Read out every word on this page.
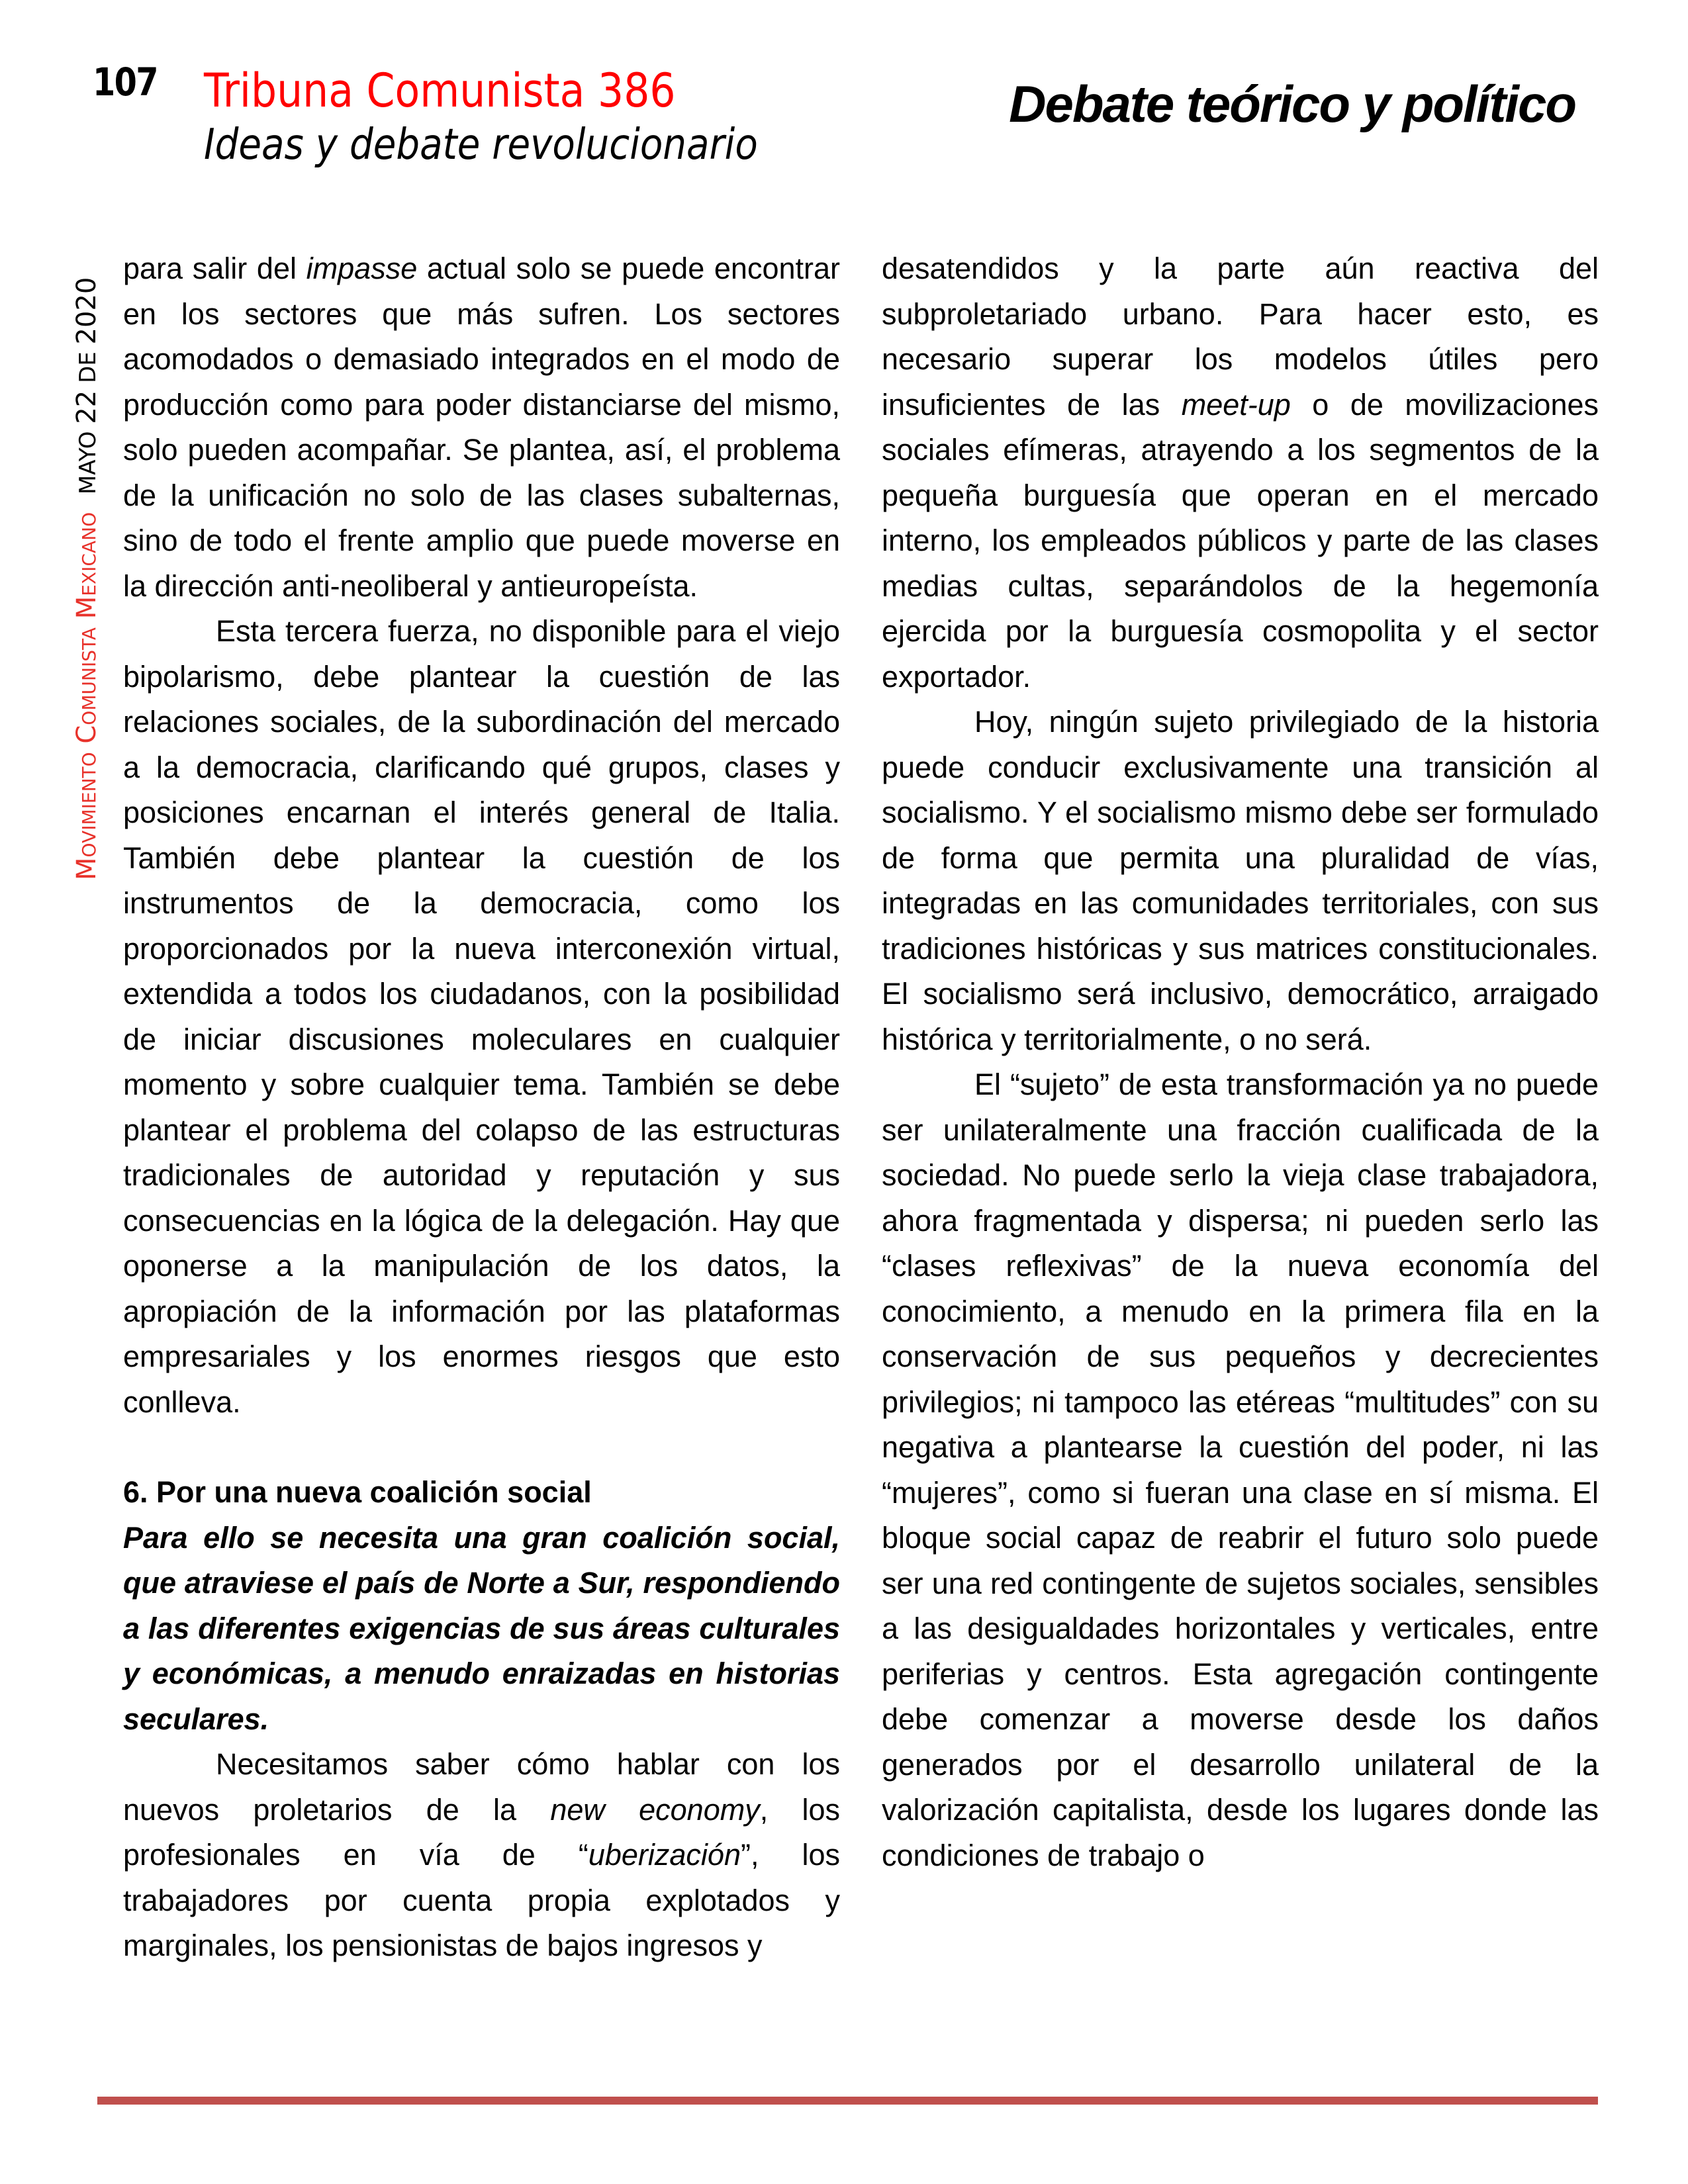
107 Tribuna Comunista 386
Ideas y debate revolucionario
Debate teórico y político
Movimiento Comunista Mexicano MAYO 22 DE 2020

para salir del impasse actual solo se puede encontrar en los sectores que más sufren. Los sectores acomodados o demasiado integrados en el modo de producción como para poder distanciarse del mismo, solo pueden acompañar. Se plantea, así, el problema de la unificación no solo de las clases subalternas, sino de todo el frente amplio que puede moverse en la dirección anti-neoliberal y antieuropeísta.

Esta tercera fuerza, no disponible para el viejo bipolarismo, debe plantear la cuestión de las relaciones sociales, de la subordinación del mercado a la democracia, clarificando qué grupos, clases y posiciones encarnan el interés general de Italia. También debe plantear la cuestión de los instrumentos de la democracia, como los proporcionados por la nueva interconexión virtual, extendida a todos los ciudadanos, con la posibilidad de iniciar discusiones moleculares en cualquier momento y sobre cualquier tema. También se debe plantear el problema del colapso de las estructuras tradicionales de autoridad y reputación y sus consecuencias en la lógica de la delegación. Hay que oponerse a la manipulación de los datos, la apropiación de la información por las plataformas empresariales y los enormes riesgos que esto conlleva.

6. Por una nueva coalición social

Para ello se necesita una gran coalición social, que atraviese el país de Norte a Sur, respondiendo a las diferentes exigencias de sus áreas culturales y económicas, a menudo enraizadas en historias seculares.

Necesitamos saber cómo hablar con los nuevos proletarios de la new economy, los profesionales en vía de “uberización”, los trabajadores por cuenta propia explotados y marginales, los pensionistas de bajos ingresos y

desatendidos y la parte aún reactiva del subproletariado urbano. Para hacer esto, es necesario superar los modelos útiles pero insuficientes de las meet-up o de movilizaciones sociales efímeras, atrayendo a los segmentos de la pequeña burguesía que operan en el mercado interno, los empleados públicos y parte de las clases medias cultas, separándolos de la hegemonía ejercida por la burguesía cosmopolita y el sector exportador.

Hoy, ningún sujeto privilegiado de la historia puede conducir exclusivamente una transición al socialismo. Y el socialismo mismo debe ser formulado de forma que permita una pluralidad de vías, integradas en las comunidades territoriales, con sus tradiciones históricas y sus matrices constitucionales. El socialismo será inclusivo, democrático, arraigado histórica y territorialmente, o no será.

El “sujeto” de esta transformación ya no puede ser unilateralmente una fracción cualificada de la sociedad. No puede serlo la vieja clase trabajadora, ahora fragmentada y dispersa; ni pueden serlo las “clases reflexivas” de la nueva economía del conocimiento, a menudo en la primera fila en la conservación de sus pequeños y decrecientes privilegios; ni tampoco las etéreas “multitudes” con su negativa a plantearse la cuestión del poder, ni las “mujeres”, como si fueran una clase en sí misma. El bloque social capaz de reabrir el futuro solo puede ser una red contingente de sujetos sociales, sensibles a las desigualdades horizontales y verticales, entre periferias y centros. Esta agregación contingente debe comenzar a moverse desde los daños generados por el desarrollo unilateral de la valorización capitalista, desde los lugares donde las condiciones de trabajo o
